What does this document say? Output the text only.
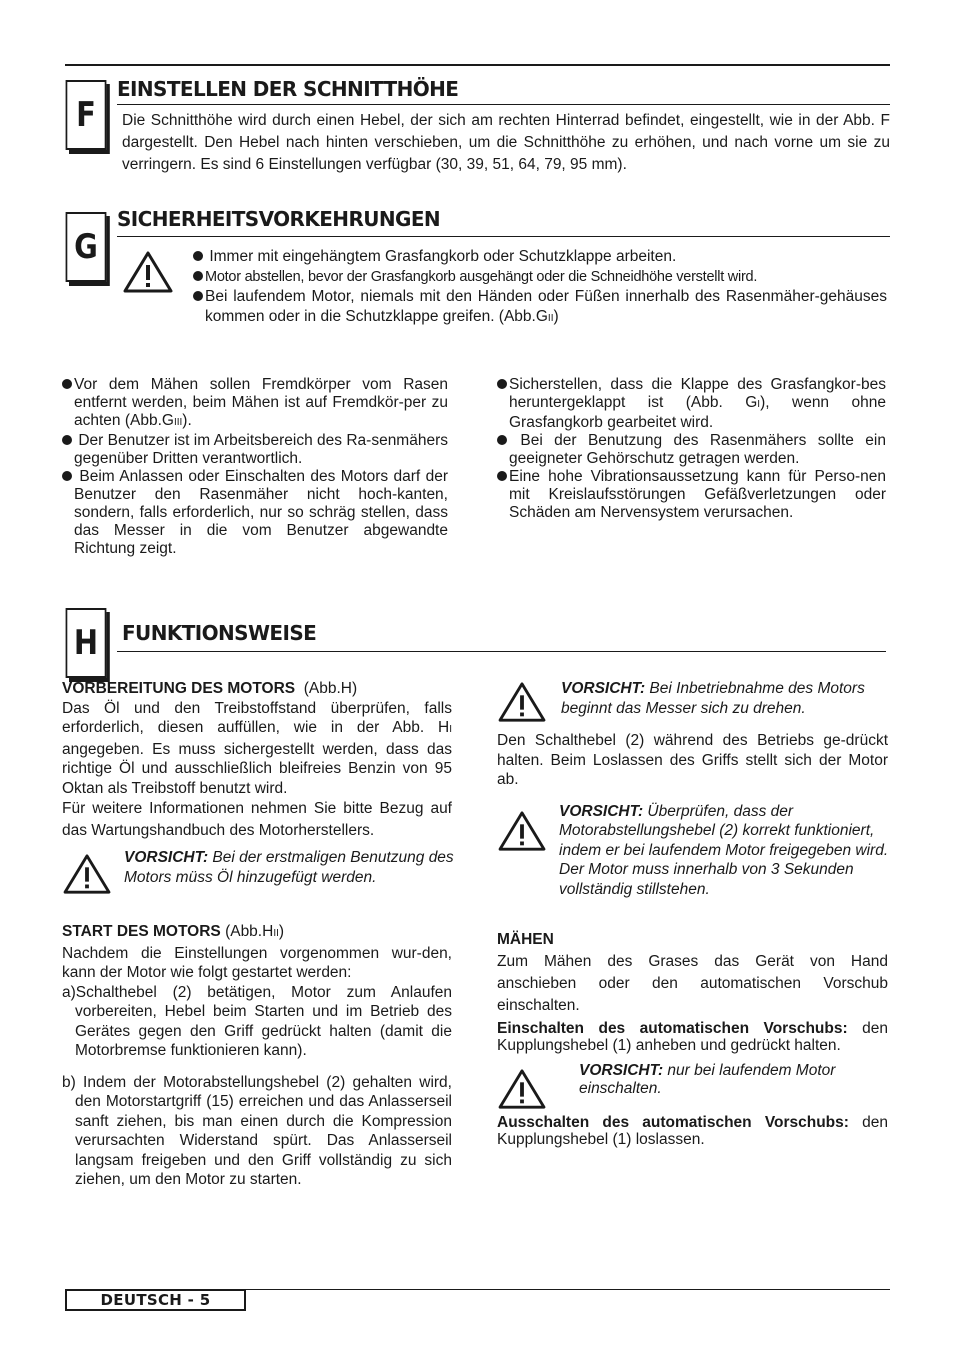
F
EINSTELLEN DER SCHNITTHÖHE
Die Schnitthöhe wird durch einen Hebel, der sich am rechten Hinterrad befindet, eingestellt, wie in der Abb. F dargestellt. Den Hebel nach hinten verschieben, um die Schnitthöhe zu erhöhen, und nach vorne um sie zu verringern. Es sind 6 Einstellungen verfügbar (30, 39, 51, 64, 79, 95 mm).
G
SICHERHEITSVORKEHRUNGEN
Immer mit eingehängtem Grasfangkorb oder Schutzklappe arbeiten.
Motor abstellen, bevor der Grasfangkorb ausgehängt oder die Schneidhöhe verstellt wird.
Bei laufendem Motor, niemals mit den Händen oder Füßen innerhalb des Rasenmäher-gehäuses kommen oder in die Schutzklappe greifen. (Abb.GII)

Vor dem Mähen sollen Fremdkörper vom Rasen entfernt werden, beim Mähen ist auf Fremdkör-per zu achten (Abb.GIII).

Der Benutzer ist im Arbeitsbereich des Ra-senmähers gegenüber Dritten verantwortlich.

Beim Anlassen oder Einschalten des Motors darf der Benutzer den Rasenmäher nicht hoch-kanten, sondern, falls erforderlich, nur so schräg stellen, dass das Messer in die vom Benutzer abgewandte Richtung zeigt.

Sicherstellen, dass die Klappe des Grasfangkor-bes heruntergeklappt ist (Abb. GI), wenn ohne Grasfangkorb gearbeitet wird.

Bei der Benutzung des Rasenmähers sollte ein geeigneter Gehörschutz getragen werden.

Eine hohe Vibrationsaussetzung kann für Perso-nen mit Kreislaufsstörungen Gefäßverletzungen oder Schäden am Nervensystem verursachen.

H	FUNKTIONSWEISE
VORBEREITUNG DES MOTORS (Abb.H)
Das Öl und den Treibstoffstand überprüfen, falls erforderlich, diesen auffüllen, wie in der Abb. HI angegeben. Es muss sichergestellt werden, dass das richtige Öl und ausschließlich bleifreies Benzin von 95 Oktan als Treibstoff benutzt wird.
Für weitere Informationen nehmen Sie bitte Bezug auf das Wartungshandbuch des Motorherstellers.
VORSICHT: Bei der erstmaligen Benutzung des Motors müss Öl hinzugefügt werden.
START DES MOTORS (Abb.HII)
Nachdem die Einstellungen vorgenommen wur-den, kann der Motor wie folgt gestartet werden:
a)Schalthebel (2) betätigen, Motor zum Anlaufen vorbereiten, Hebel beim Starten und im Betrieb des Gerätes gegen den Griff gedrückt halten (damit die Motorbremse funktionieren kann).
b) Indem der Motorabstellungshebel (2) gehalten wird, den Motorstartgriff (15) erreichen und das Anlasserseil sanft ziehen, bis man einen durch die Kompression verursachten Widerstand spürt. Das Anlasserseil langsam freigeben und den Griff vollständig zu sich ziehen, um den Motor zu starten.
VORSICHT: Bei Inbetriebnahme des Motors beginnt das Messer sich zu drehen.
Den Schalthebel (2) während des Betriebs ge-drückt halten. Beim Loslassen des Griffs stellt sich der Motor ab.
VORSICHT: Überprüfen, dass der Motorabstellungshebel (2) korrekt funktioniert, indem er bei laufendem Motor freigegeben wird. Der Motor muss innerhalb von 3 Sekunden vollständig stillstehen.
MÄHEN
Zum Mähen des Grases das Gerät von Hand anschieben oder den automatischen Vorschub einschalten.
Einschalten des automatischen Vorschubs: den Kupplungshebel (1) anheben und gedrückt halten.
VORSICHT: nur bei laufendem Motor einschalten.
Ausschalten des automatischen Vorschubs: den Kupplungshebel (1) loslassen.
DEUTSCH - 5
